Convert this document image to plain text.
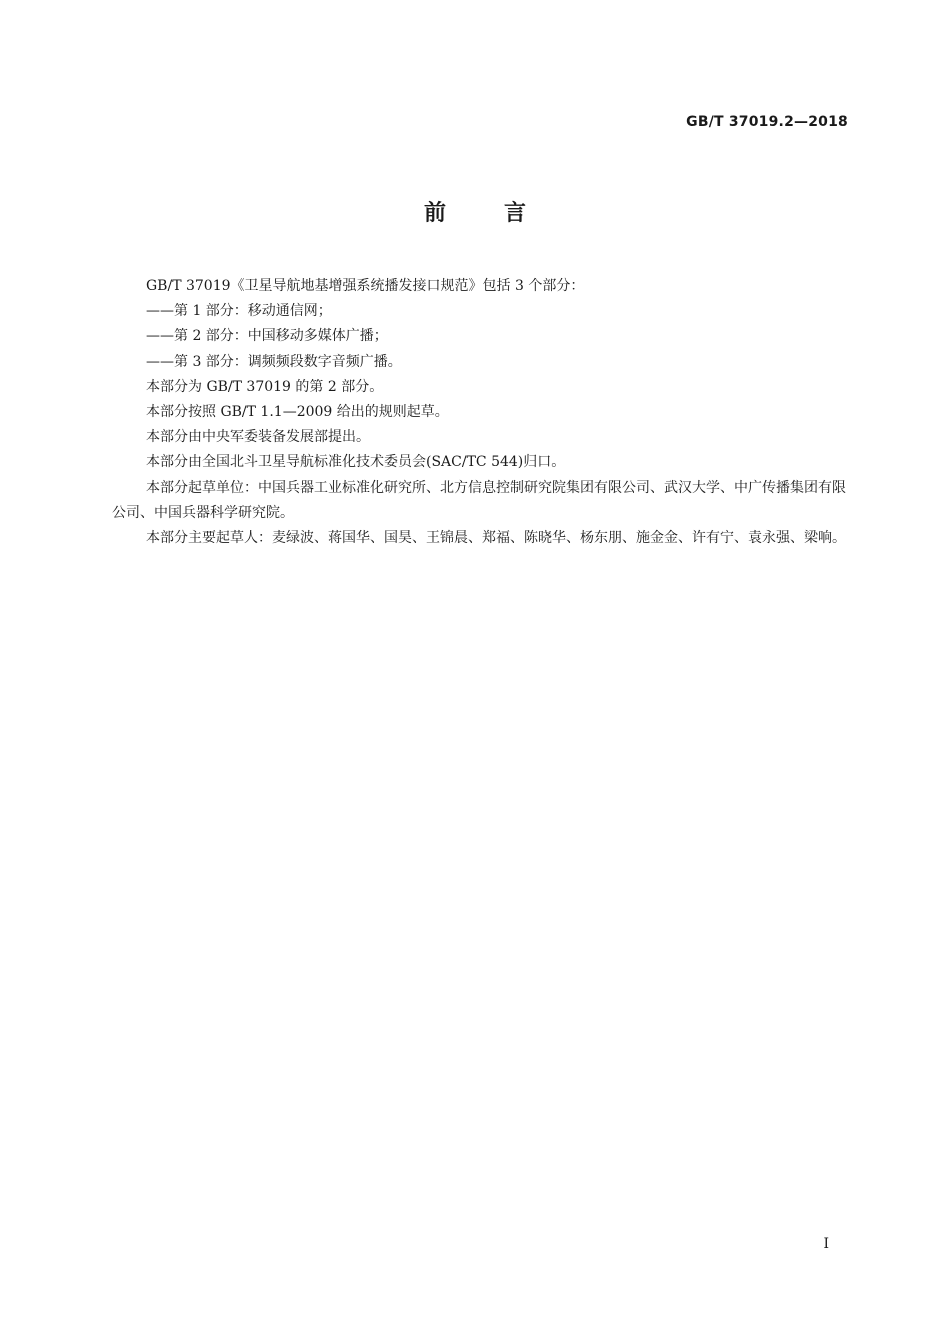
GB/T 37019.2—2018
前言

GB/T 37019《卫星导航地基增强系统播发接口规范》包括 3 个部分：

——第 1 部分：移动通信网；

——第 2 部分：中国移动多媒体广播；

——第 3 部分：调频频段数字音频广播。

本部分为 GB/T 37019 的第 2 部分。

本部分按照 GB/T 1.1—2009 给出的规则起草。

本部分由中央军委装备发展部提出。

本部分由全国北斗卫星导航标准化技术委员会(SAC/TC 544)归口。

本部分起草单位：中国兵器工业标准化研究所、北方信息控制研究院集团有限公司、武汉大学、中广传播集团有限公司、中国兵器科学研究院。

本部分主要起草人：麦绿波、蒋国华、国昊、王锦晨、郑福、陈晓华、杨东朋、施金金、许有宁、袁永强、梁响。

I
